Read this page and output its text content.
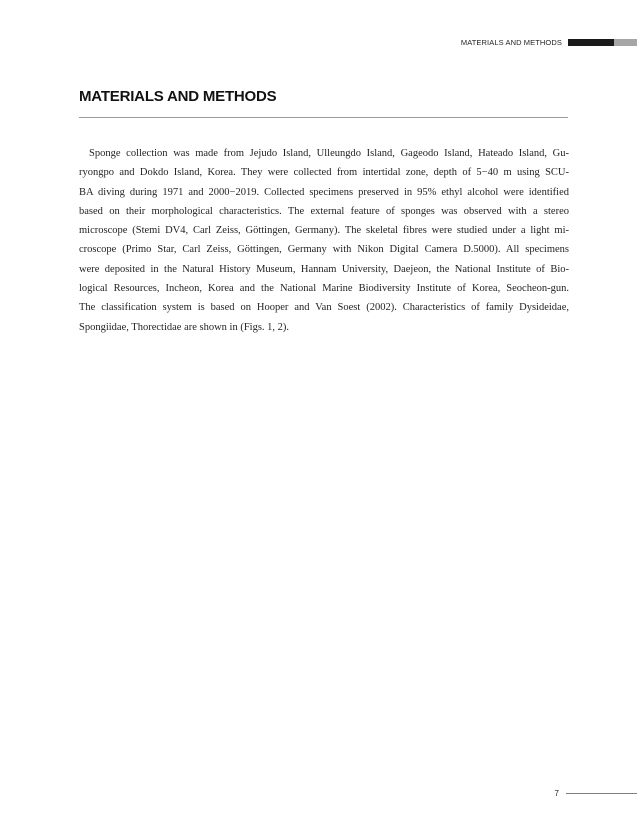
MATERIALS AND METHODS
MATERIALS AND METHODS
Sponge collection was made from Jejudo Island, Ulleungdo Island, Gageodo Island, Hateado Island, Gu-
ryongpo and Dokdo Island, Korea. They were collected from intertidal zone, depth of 5−40 m using SCU-
BA diving during 1971 and 2000−2019. Collected specimens preserved in 95% ethyl alcohol were identified
based on their morphological characteristics. The external feature of sponges was observed with a stereo
microscope (Stemi DV4, Carl Zeiss, Göttingen, Germany). The skeletal fibres were studied under a light mi-
croscope (Primo Star, Carl Zeiss, Göttingen, Germany with Nikon Digital Camera D.5000). All specimens
were deposited in the Natural History Museum, Hannam University, Daejeon, the National Institute of Bio-
logical Resources, Incheon, Korea and the National Marine Biodiversity Institute of Korea, Seocheon-gun.
The classification system is based on Hooper and Van Soest (2002). Characteristics of family Dysideidae,
Spongiidae, Thorectidae are shown in (Figs. 1, 2).
7
